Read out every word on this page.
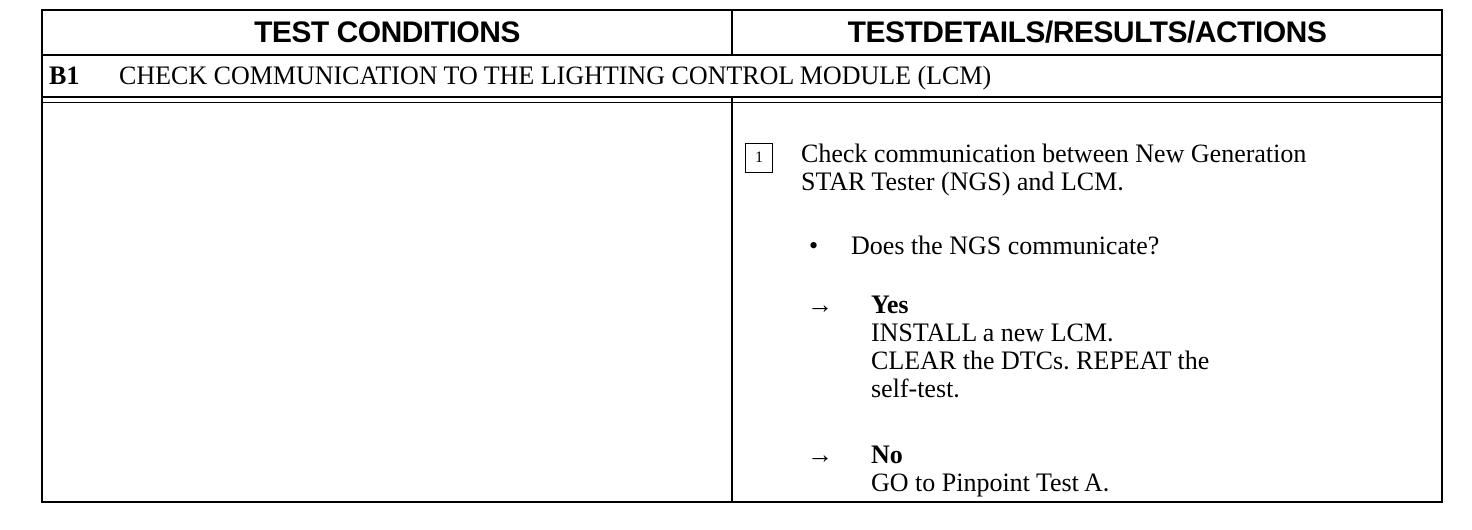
TEST CONDITIONS	TESTDETAILS/RESULTS/ACTIONS
B1	CHECK COMMUNICATION TO THE LIGHTING CONTROL MODULE (LCM)
1	Check communication between New Generation
STAR Tester (NGS) and LCM.
•	Does the NGS communicate?
→	Yes
INSTALL a new LCM.
CLEAR the DTCs. REPEAT the
self-test.
→	No
GO to Pinpoint Test A.
